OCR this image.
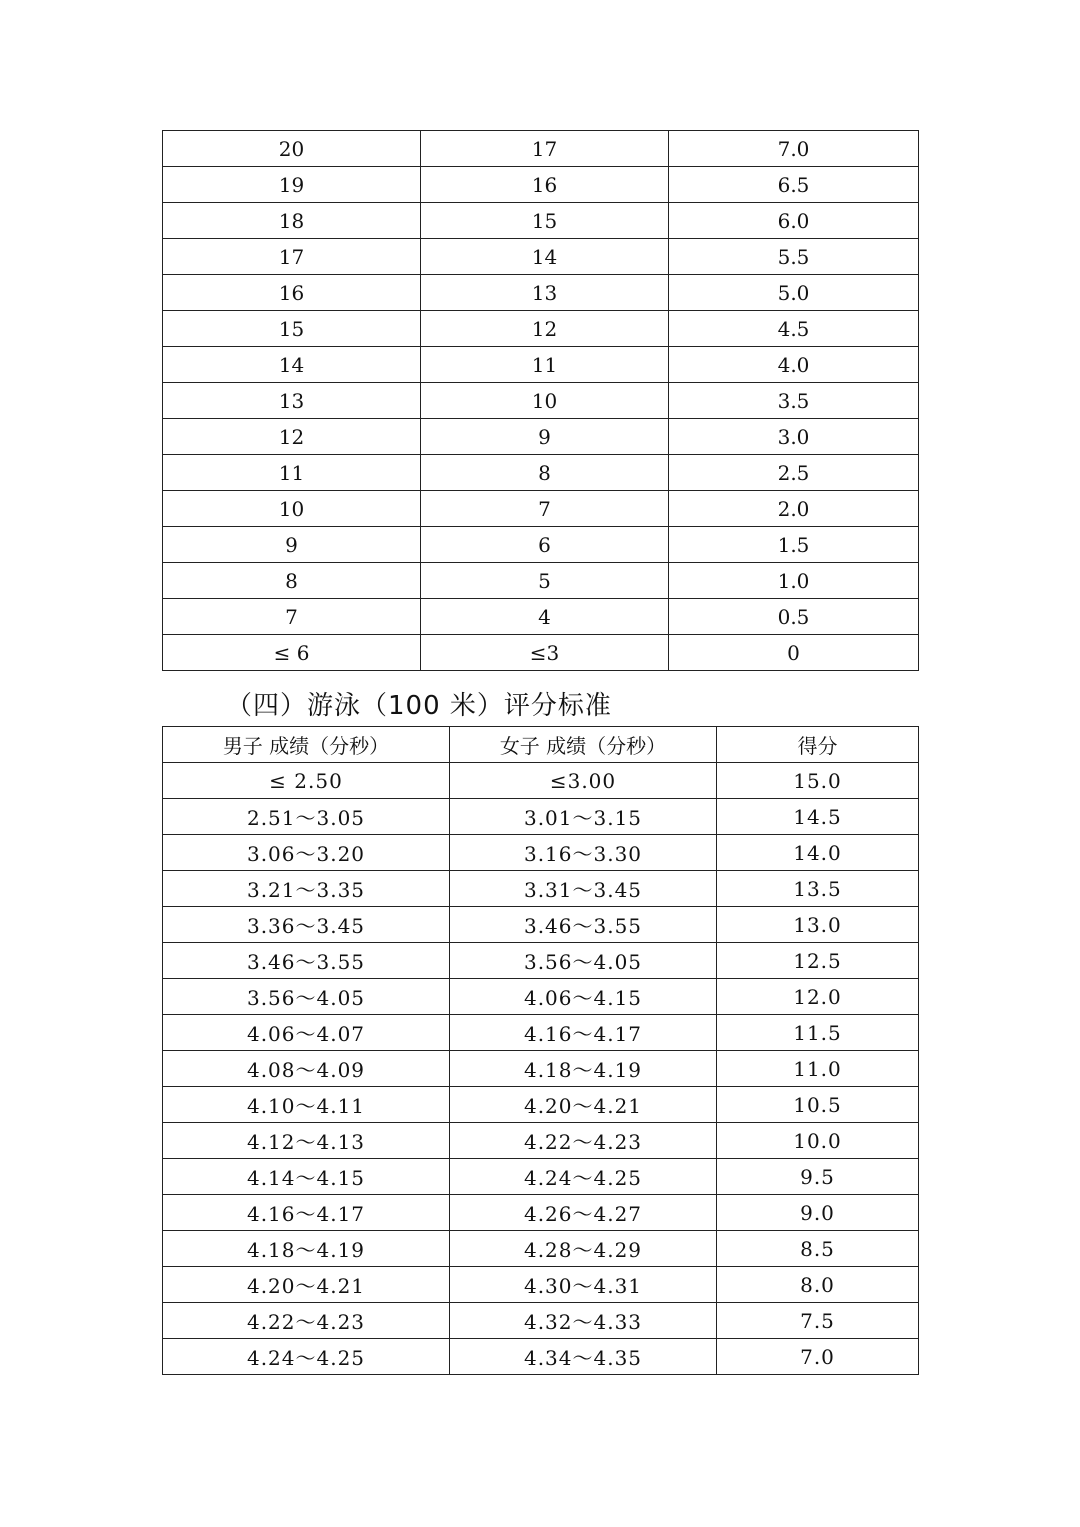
20	17	7.0
19	16	6.5
18	15	6.0
17	14	5.5
16	13	5.0
15	12	4.5
14	11	4.0
13	10	3.5
12	9	3.0
11	8	2.5
10	7	2.0
9	6	1.5
8	5	1.0
7	4	0.5
≤ 6	≤3	0
（四）游泳（100 米）评分标准
男子 成绩（分秒）	女子 成绩（分秒）	得分
≤ 2.50	≤3.00	15.0
2.51～3.05	3.01～3.15	14.5
3.06～3.20	3.16～3.30	14.0
3.21～3.35	3.31～3.45	13.5
3.36～3.45	3.46～3.55	13.0
3.46～3.55	3.56～4.05	12.5
3.56～4.05	4.06～4.15	12.0
4.06～4.07	4.16～4.17	11.5
4.08～4.09	4.18～4.19	11.0
4.10～4.11	4.20～4.21	10.5
4.12～4.13	4.22～4.23	10.0
4.14～4.15	4.24～4.25	9.5
4.16～4.17	4.26～4.27	9.0
4.18～4.19	4.28～4.29	8.5
4.20～4.21	4.30～4.31	8.0
4.22～4.23	4.32～4.33	7.5
4.24～4.25	4.34～4.35	7.0
